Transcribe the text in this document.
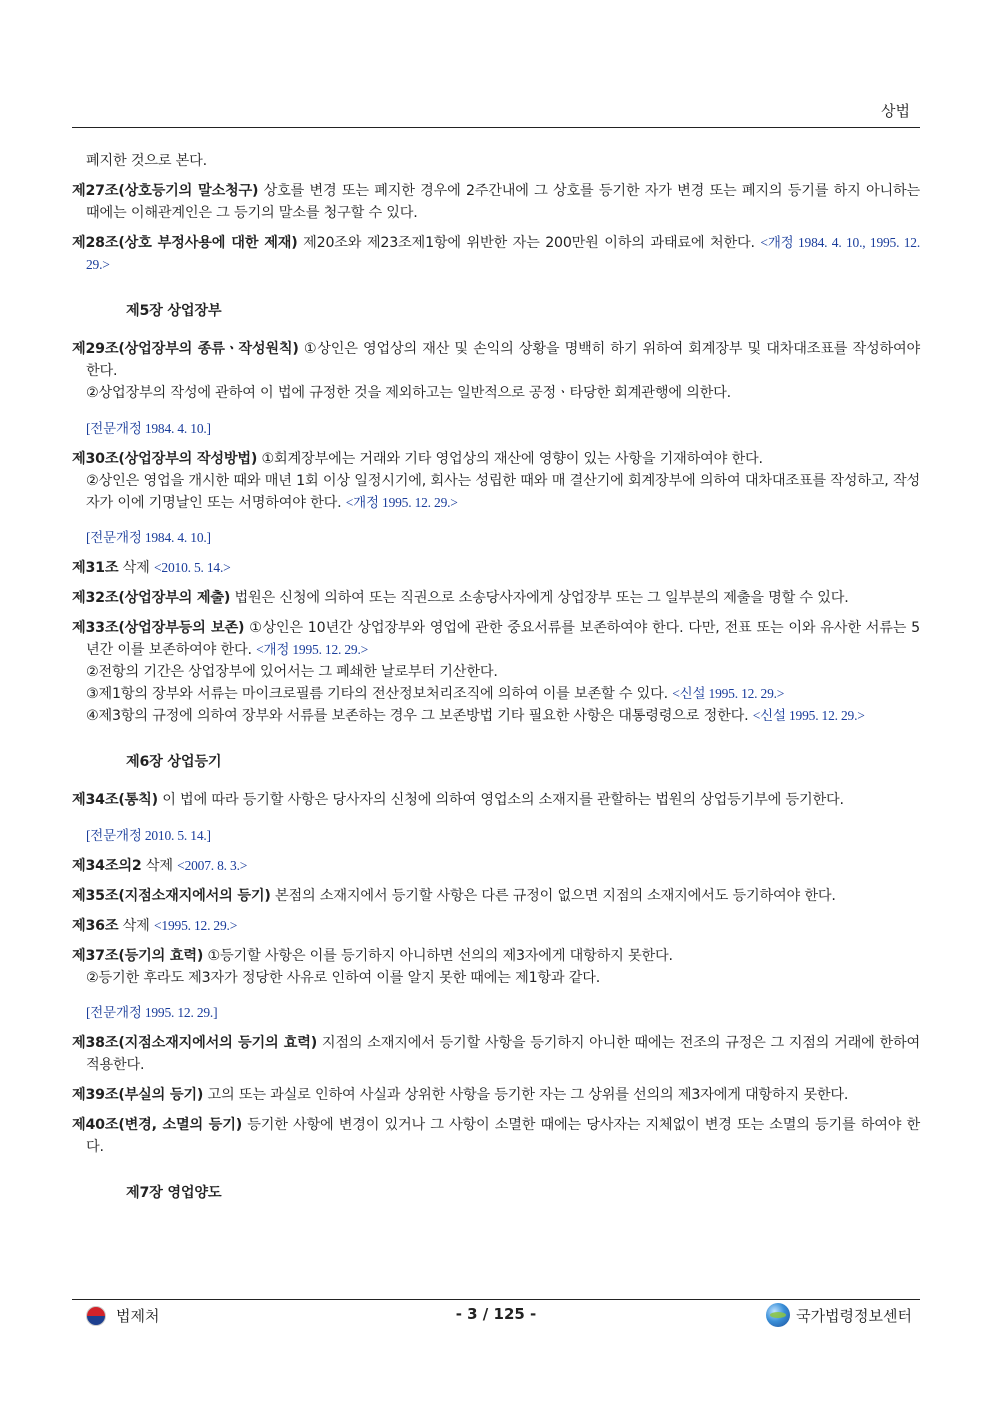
상법

폐지한 것으로 본다.

제27조(상호등기의 말소청구) 상호를 변경 또는 폐지한 경우에 2주간내에 그 상호를 등기한 자가 변경 또는 폐지의 등기를 하지 아니하는 때에는 이해관계인은 그 등기의 말소를 청구할 수 있다.

제28조(상호 부정사용에 대한 제재) 제20조와 제23조제1항에 위반한 자는 200만원 이하의 과태료에 처한다. <개정 1984. 4. 10., 1995. 12. 29.>

제5장 상업장부

제29조(상업장부의 종류ㆍ작성원칙) ①상인은 영업상의 재산 및 손익의 상황을 명백히 하기 위하여 회계장부 및 대차대조표를 작성하여야 한다.

②상업장부의 작성에 관하여 이 법에 규정한 것을 제외하고는 일반적으로 공정ㆍ타당한 회계관행에 의한다.

[전문개정 1984. 4. 10.]

제30조(상업장부의 작성방법) ①회계장부에는 거래와 기타 영업상의 재산에 영향이 있는 사항을 기재하여야 한다.

②상인은 영업을 개시한 때와 매년 1회 이상 일정시기에, 회사는 성립한 때와 매 결산기에 회계장부에 의하여 대차대조표를 작성하고, 작성자가 이에 기명날인 또는 서명하여야 한다. <개정 1995. 12. 29.>

[전문개정 1984. 4. 10.]

제31조 삭제 <2010. 5. 14.>

제32조(상업장부의 제출) 법원은 신청에 의하여 또는 직권으로 소송당사자에게 상업장부 또는 그 일부분의 제출을 명할 수 있다.

제33조(상업장부등의 보존) ①상인은 10년간 상업장부와 영업에 관한 중요서류를 보존하여야 한다. 다만, 전표 또는 이와 유사한 서류는 5년간 이를 보존하여야 한다. <개정 1995. 12. 29.>

②전항의 기간은 상업장부에 있어서는 그 폐쇄한 날로부터 기산한다.

③제1항의 장부와 서류는 마이크로필름 기타의 전산정보처리조직에 의하여 이를 보존할 수 있다. <신설 1995. 12. 29.>

④제3항의 규정에 의하여 장부와 서류를 보존하는 경우 그 보존방법 기타 필요한 사항은 대통령령으로 정한다. <신설 1995. 12. 29.>

제6장 상업등기

제34조(통칙) 이 법에 따라 등기할 사항은 당사자의 신청에 의하여 영업소의 소재지를 관할하는 법원의 상업등기부에 등기한다.

[전문개정 2010. 5. 14.]

제34조의2 삭제 <2007. 8. 3.>

제35조(지점소재지에서의 등기) 본점의 소재지에서 등기할 사항은 다른 규정이 없으면 지점의 소재지에서도 등기하여야 한다.

제36조 삭제 <1995. 12. 29.>

제37조(등기의 효력) ①등기할 사항은 이를 등기하지 아니하면 선의의 제3자에게 대항하지 못한다.

②등기한 후라도 제3자가 정당한 사유로 인하여 이를 알지 못한 때에는 제1항과 같다.

[전문개정 1995. 12. 29.]

제38조(지점소재지에서의 등기의 효력) 지점의 소재지에서 등기할 사항을 등기하지 아니한 때에는 전조의 규정은 그 지점의 거래에 한하여 적용한다.

제39조(부실의 등기) 고의 또는 과실로 인하여 사실과 상위한 사항을 등기한 자는 그 상위를 선의의 제3자에게 대항하지 못한다.

제40조(변경, 소멸의 등기) 등기한 사항에 변경이 있거나 그 사항이 소멸한 때에는 당사자는 지체없이 변경 또는 소멸의 등기를 하여야 한다.

제7장 영업양도

법제처	- 3 / 125 -	국가법령정보센터
